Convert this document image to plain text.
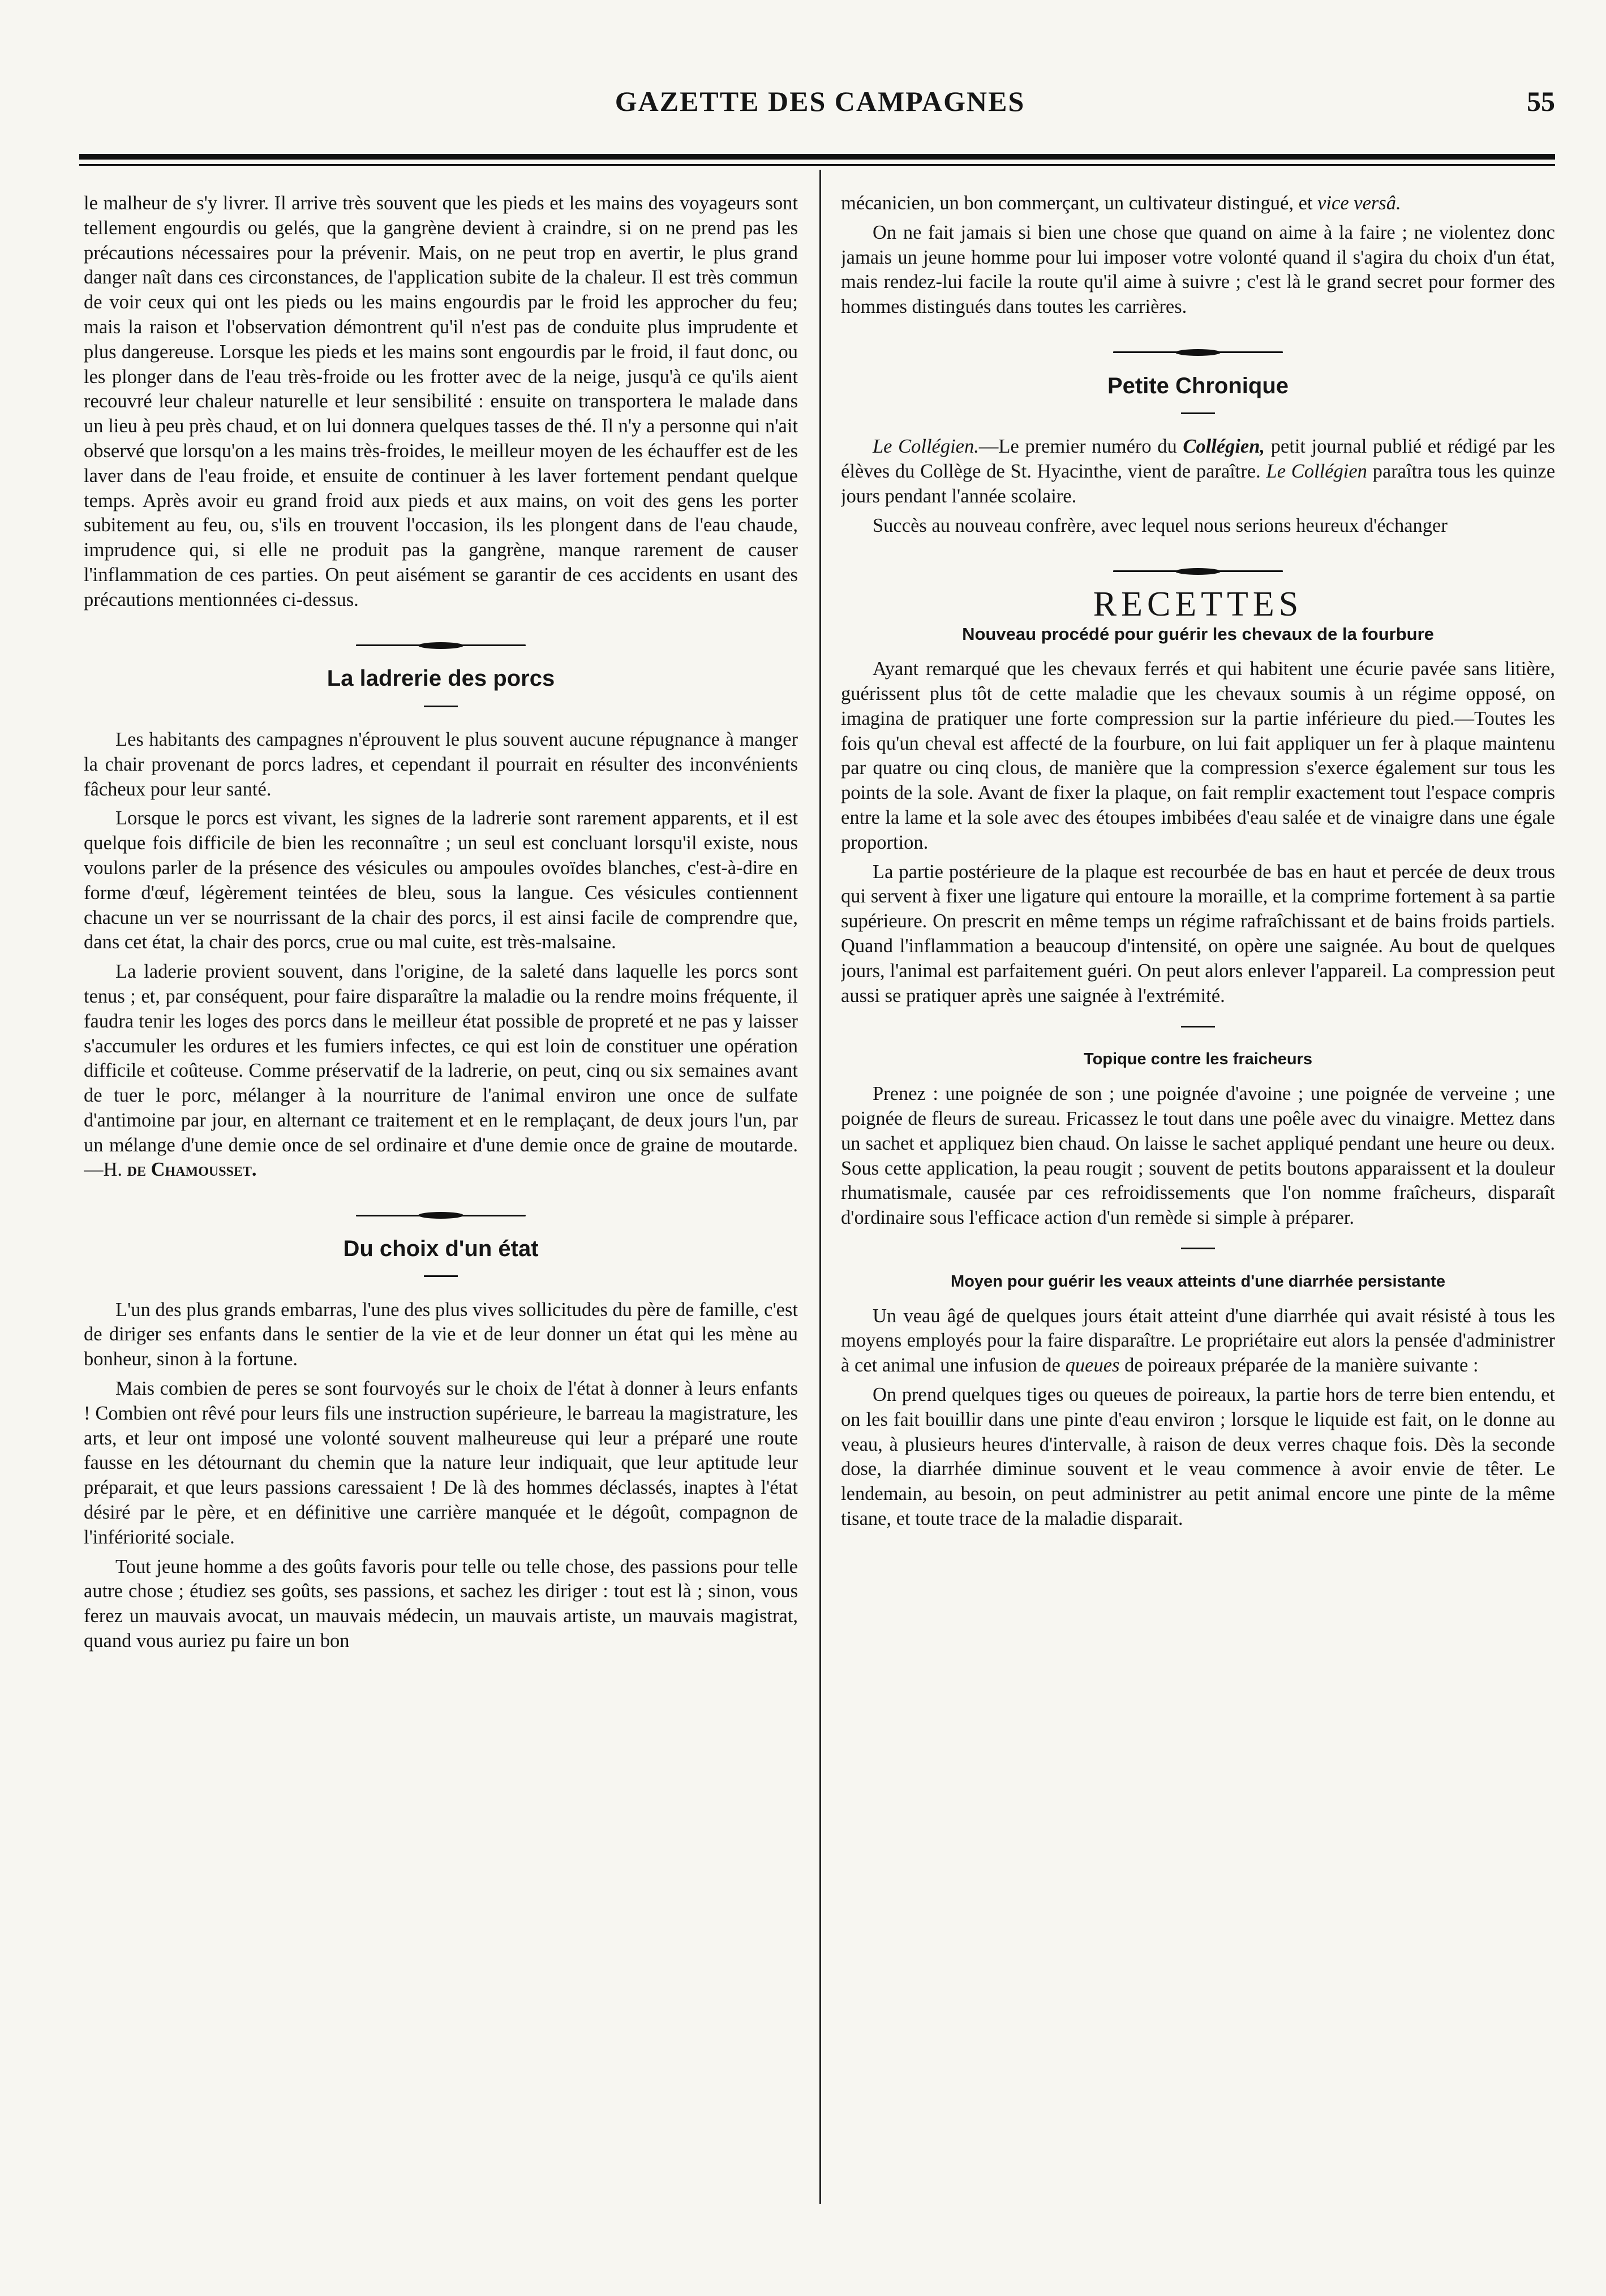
GAZETTE DES CAMPAGNES	55

le malheur de s'y livrer. Il arrive très souvent que les pieds et les mains des voyageurs sont tellement engourdis ou gelés, que la gangrène devient à craindre, si on ne prend pas les précautions nécessaires pour la prévenir. Mais, on ne peut trop en avertir, le plus grand danger naît dans ces circonstances, de l'application subite de la chaleur. Il est très commun de voir ceux qui ont les pieds ou les mains engourdis par le froid les approcher du feu; mais la raison et l'observation démontrent qu'il n'est pas de conduite plus imprudente et plus dangereuse. Lorsque les pieds et les mains sont engourdis par le froid, il faut donc, ou les plonger dans de l'eau très-froide ou les frotter avec de la neige, jusqu'à ce qu'ils aient recouvré leur chaleur naturelle et leur sensibilité : ensuite on transportera le malade dans un lieu à peu près chaud, et on lui donnera quelques tasses de thé. Il n'y a personne qui n'ait observé que lorsqu'on a les mains très-froides, le meilleur moyen de les échauffer est de les laver dans de l'eau froide, et ensuite de continuer à les laver fortement pendant quelque temps. Après avoir eu grand froid aux pieds et aux mains, on voit des gens les porter subitement au feu, ou, s'ils en trouvent l'occasion, ils les plongent dans de l'eau chaude, imprudence qui, si elle ne produit pas la gangrène, manque rarement de causer l'inflammation de ces parties. On peut aisément se garantir de ces accidents en usant des précautions mentionnées ci-dessus.

La ladrerie des porcs

Les habitants des campagnes n'éprouvent le plus souvent aucune répugnance à manger la chair provenant de porcs ladres, et cependant il pourrait en résulter des inconvénients fâcheux pour leur santé.

Lorsque le porcs est vivant, les signes de la ladrerie sont rarement apparents, et il est quelque fois difficile de bien les reconnaître ; un seul est concluant lorsqu'il existe, nous voulons parler de la présence des vésicules ou ampoules ovoïdes blanches, c'est-à-dire en forme d'œuf, légèrement teintées de bleu, sous la langue. Ces vésicules contiennent chacune un ver se nourrissant de la chair des porcs, il est ainsi facile de comprendre que, dans cet état, la chair des porcs, crue ou mal cuite, est très-malsaine.

La laderie provient souvent, dans l'origine, de la saleté dans laquelle les porcs sont tenus ; et, par conséquent, pour faire disparaître la maladie ou la rendre moins fréquente, il faudra tenir les loges des porcs dans le meilleur état possible de propreté et ne pas y laisser s'accumuler les ordures et les fumiers infectes, ce qui est loin de constituer une opération difficile et coûteuse. Comme préservatif de la ladrerie, on peut, cinq ou six semaines avant de tuer le porc, mélanger à la nourriture de l'animal environ une once de sulfate d'antimoine par jour, en alternant ce traitement et en le remplaçant, de deux jours l'un, par un mélange d'une demie once de sel ordinaire et d'une demie once de graine de moutarde.—H. de Chamousset.

Du choix d'un état

L'un des plus grands embarras, l'une des plus vives sollicitudes du père de famille, c'est de diriger ses enfants dans le sentier de la vie et de leur donner un état qui les mène au bonheur, sinon à la fortune.

Mais combien de peres se sont fourvoyés sur le choix de l'état à donner à leurs enfants ! Combien ont rêvé pour leurs fils une instruction supérieure, le barreau la magistrature, les arts, et leur ont imposé une volonté souvent malheureuse qui leur a préparé une route fausse en les détournant du chemin que la nature leur indiquait, que leur aptitude leur préparait, et que leurs passions caressaient ! De là des hommes déclassés, inaptes à l'état désiré par le père, et en définitive une carrière manquée et le dégoût, compagnon de l'infériorité sociale.

Tout jeune homme a des goûts favoris pour telle ou telle chose, des passions pour telle autre chose ; étudiez ses goûts, ses passions, et sachez les diriger : tout est là ; sinon, vous ferez un mauvais avocat, un mauvais médecin, un mauvais artiste, un mauvais magistrat, quand vous auriez pu faire un bon

mécanicien, un bon commerçant, un cultivateur distingué, et vice versâ.

On ne fait jamais si bien une chose que quand on aime à la faire ; ne violentez donc jamais un jeune homme pour lui imposer votre volonté quand il s'agira du choix d'un état, mais rendez-lui facile la route qu'il aime à suivre ; c'est là le grand secret pour former des hommes distingués dans toutes les carrières.

Petite Chronique

Le Collégien.—Le premier numéro du Collégien, petit journal publié et rédigé par les élèves du Collège de St. Hyacinthe, vient de paraître. Le Collégien paraîtra tous les quinze jours pendant l'année scolaire.

Succès au nouveau confrère, avec lequel nous serions heureux d'échanger

RECETTES
Nouveau procédé pour guérir les chevaux de la fourbure

Ayant remarqué que les chevaux ferrés et qui habitent une écurie pavée sans litière, guérissent plus tôt de cette maladie que les chevaux soumis à un régime opposé, on imagina de pratiquer une forte compression sur la partie inférieure du pied.—Toutes les fois qu'un cheval est affecté de la fourbure, on lui fait appliquer un fer à plaque maintenu par quatre ou cinq clous, de manière que la compression s'exerce également sur tous les points de la sole. Avant de fixer la plaque, on fait remplir exactement tout l'espace compris entre la lame et la sole avec des étoupes imbibées d'eau salée et de vinaigre dans une égale proportion.

La partie postérieure de la plaque est recourbée de bas en haut et percée de deux trous qui servent à fixer une ligature qui entoure la moraille, et la comprime fortement à sa partie supérieure. On prescrit en même temps un régime rafraîchissant et de bains froids partiels. Quand l'inflammation a beaucoup d'intensité, on opère une saignée. Au bout de quelques jours, l'animal est parfaitement guéri. On peut alors enlever l'appareil. La compression peut aussi se pratiquer après une saignée à l'extrémité.

Topique contre les fraicheurs

Prenez : une poignée de son ; une poignée d'avoine ; une poignée de verveine ; une poignée de fleurs de sureau. Fricassez le tout dans une poêle avec du vinaigre. Mettez dans un sachet et appliquez bien chaud. On laisse le sachet appliqué pendant une heure ou deux. Sous cette application, la peau rougit ; souvent de petits boutons apparaissent et la douleur rhumatismale, causée par ces refroidissements que l'on nomme fraîcheurs, disparaît d'ordinaire sous l'efficace action d'un remède si simple à préparer.

Moyen pour guérir les veaux atteints d'une diarrhée persistante

Un veau âgé de quelques jours était atteint d'une diarrhée qui avait résisté à tous les moyens employés pour la faire disparaître. Le propriétaire eut alors la pensée d'administrer à cet animal une infusion de queues de poireaux préparée de la manière suivante :

On prend quelques tiges ou queues de poireaux, la partie hors de terre bien entendu, et on les fait bouillir dans une pinte d'eau environ ; lorsque le liquide est fait, on le donne au veau, à plusieurs heures d'intervalle, à raison de deux verres chaque fois. Dès la seconde dose, la diarrhée diminue souvent et le veau commence à avoir envie de têter. Le lendemain, au besoin, on peut administrer au petit animal encore une pinte de la même tisane, et toute trace de la maladie disparait.
